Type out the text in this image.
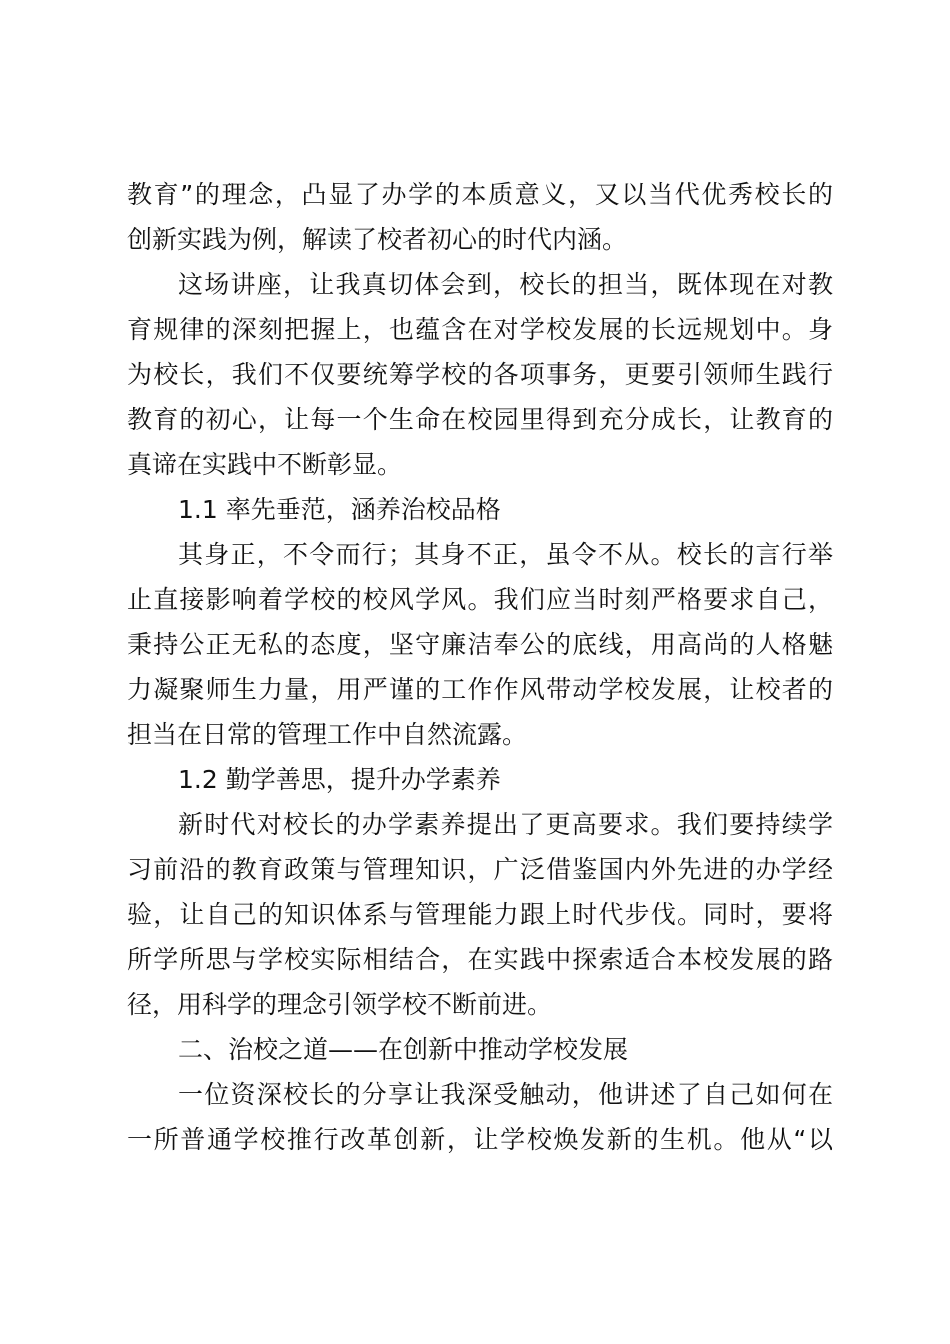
教育”的理念，凸显了办学的本质意义，又以当代优秀校长的
创新实践为例，解读了校者初心的时代内涵。
这场讲座，让我真切体会到，校长的担当，既体现在对教
育规律的深刻把握上，也蕴含在对学校发展的长远规划中。身
为校长，我们不仅要统筹学校的各项事务，更要引领师生践行
教育的初心，让每一个生命在校园里得到充分成长，让教育的
真谛在实践中不断彰显。
1.1 率先垂范，涵养治校品格
其身正，不令而行；其身不正，虽令不从。校长的言行举
止直接影响着学校的校风学风。我们应当时刻严格要求自己，
秉持公正无私的态度，坚守廉洁奉公的底线，用高尚的人格魅
力凝聚师生力量，用严谨的工作作风带动学校发展，让校者的
担当在日常的管理工作中自然流露。
1.2 勤学善思，提升办学素养
新时代对校长的办学素养提出了更高要求。我们要持续学
习前沿的教育政策与管理知识，广泛借鉴国内外先进的办学经
验，让自己的知识体系与管理能力跟上时代步伐。同时，要将
所学所思与学校实际相结合，在实践中探索适合本校发展的路
径，用科学的理念引领学校不断前进。
二、治校之道——在创新中推动学校发展
一位资深校长的分享让我深受触动，他讲述了自己如何在
一所普通学校推行改革创新，让学校焕发新的生机。他从“以
